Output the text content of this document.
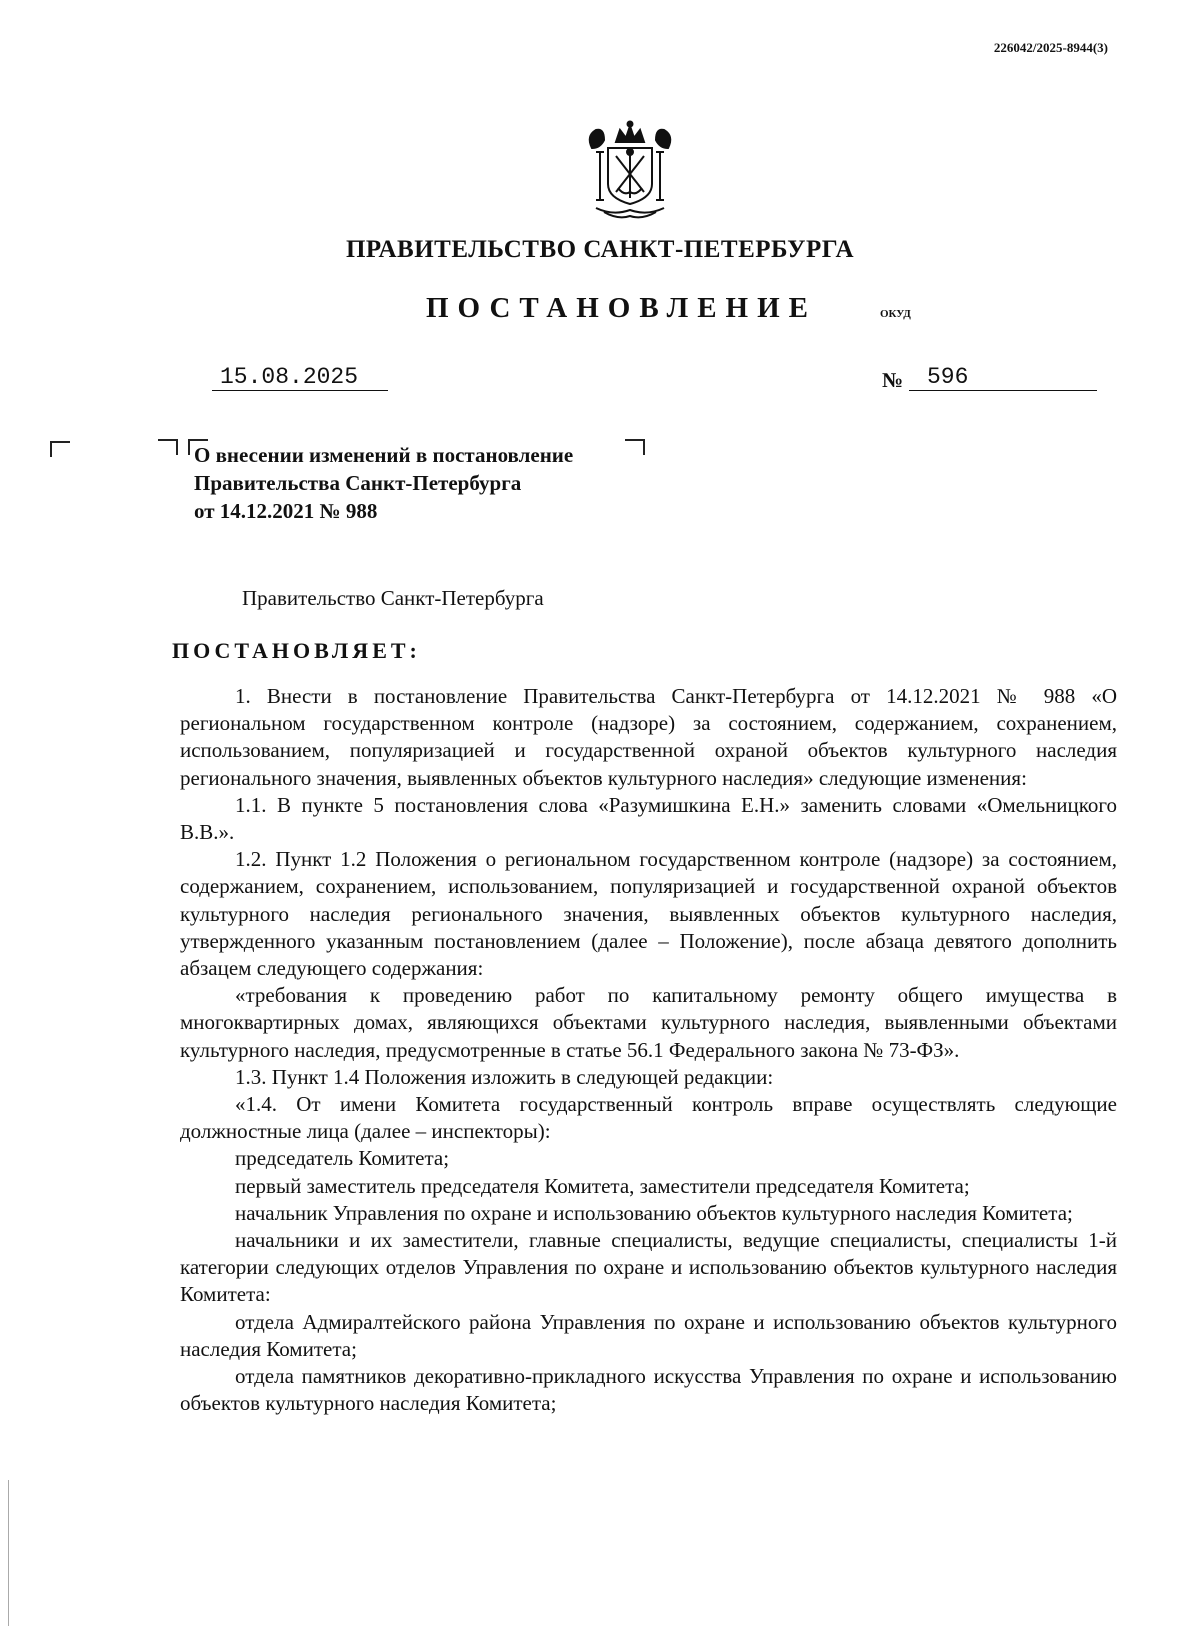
226042/2025-8944(3)
ПРАВИТЕЛЬСТВО САНКТ-ПЕТЕРБУРГА
ПОСТАНОВЛЕНИЕ	ОКУД
15.08.2025	№	596
О внесении изменений в постановление
Правительства Санкт-Петербурга
от 14.12.2021 № 988
Правительство Санкт-Петербурга
ПОСТАНОВЛЯЕТ:

1. Внести в постановление Правительства Санкт-Петербурга от 14.12.2021 № 988 «О региональном государственном контроле (надзоре) за состоянием, содержанием, сохранением, использованием, популяризацией и государственной охраной объектов культурного наследия регионального значения, выявленных объектов культурного наследия» следующие изменения:

1.1. В пункте 5 постановления слова «Разумишкина Е.Н.» заменить словами «Омельницкого В.В.».

1.2. Пункт 1.2 Положения о региональном государственном контроле (надзоре) за состоянием, содержанием, сохранением, использованием, популяризацией и государственной охраной объектов культурного наследия регионального значения, выявленных объектов культурного наследия, утвержденного указанным постановлением (далее – Положение), после абзаца девятого дополнить абзацем следующего содержания:

«требования к проведению работ по капитальному ремонту общего имущества в многоквартирных домах, являющихся объектами культурного наследия, выявленными объектами культурного наследия, предусмотренные в статье 56.1 Федерального закона № 73-ФЗ».

1.3. Пункт 1.4 Положения изложить в следующей редакции:

«1.4. От имени Комитета государственный контроль вправе осуществлять следующие должностные лица (далее – инспекторы):

председатель Комитета;

первый заместитель председателя Комитета, заместители председателя Комитета;

начальник Управления по охране и использованию объектов культурного наследия Комитета;

начальники и их заместители, главные специалисты, ведущие специалисты, специалисты 1-й категории следующих отделов Управления по охране и использованию объектов культурного наследия Комитета:

отдела Адмиралтейского района Управления по охране и использованию объектов культурного наследия Комитета;

отдела памятников декоративно-прикладного искусства Управления по охране и использованию объектов культурного наследия Комитета;
